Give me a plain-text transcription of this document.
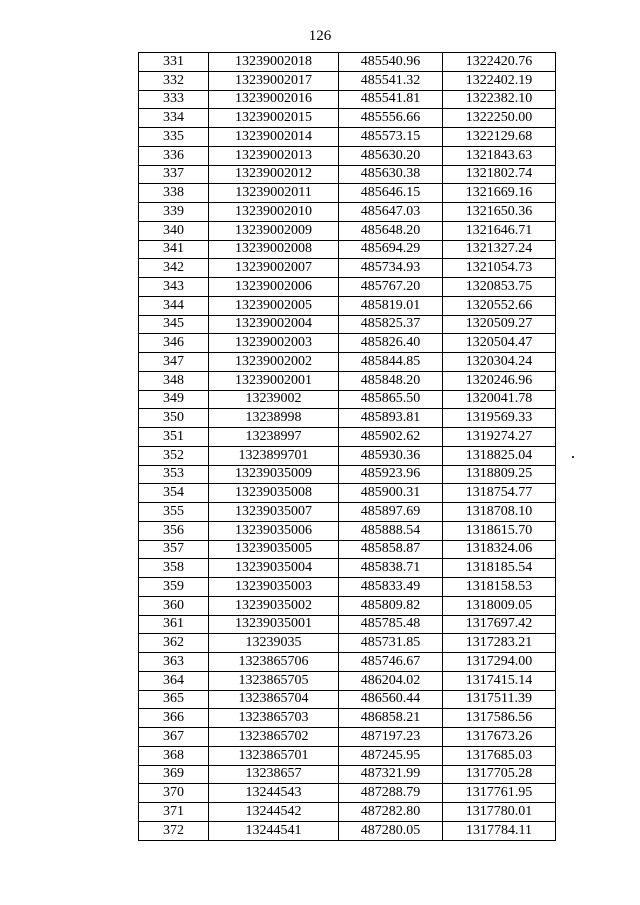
126
331	13239002018	485540.96	1322420.76
332	13239002017	485541.32	1322402.19
333	13239002016	485541.81	1322382.10
334	13239002015	485556.66	1322250.00
335	13239002014	485573.15	1322129.68
336	13239002013	485630.20	1321843.63
337	13239002012	485630.38	1321802.74
338	13239002011	485646.15	1321669.16
339	13239002010	485647.03	1321650.36
340	13239002009	485648.20	1321646.71
341	13239002008	485694.29	1321327.24
342	13239002007	485734.93	1321054.73
343	13239002006	485767.20	1320853.75
344	13239002005	485819.01	1320552.66
345	13239002004	485825.37	1320509.27
346	13239002003	485826.40	1320504.47
347	13239002002	485844.85	1320304.24
348	13239002001	485848.20	1320246.96
349	13239002	485865.50	1320041.78
350	13238998	485893.81	1319569.33
351	13238997	485902.62	1319274.27
352	1323899701	485930.36	1318825.04
353	13239035009	485923.96	1318809.25
354	13239035008	485900.31	1318754.77
355	13239035007	485897.69	1318708.10
356	13239035006	485888.54	1318615.70
357	13239035005	485858.87	1318324.06
358	13239035004	485838.71	1318185.54
359	13239035003	485833.49	1318158.53
360	13239035002	485809.82	1318009.05
361	13239035001	485785.48	1317697.42
362	13239035	485731.85	1317283.21
363	1323865706	485746.67	1317294.00
364	1323865705	486204.02	1317415.14
365	1323865704	486560.44	1317511.39
366	1323865703	486858.21	1317586.56
367	1323865702	487197.23	1317673.26
368	1323865701	487245.95	1317685.03
369	13238657	487321.99	1317705.28
370	13244543	487288.79	1317761.95
371	13244542	487282.80	1317780.01
372	13244541	487280.05	1317784.11
